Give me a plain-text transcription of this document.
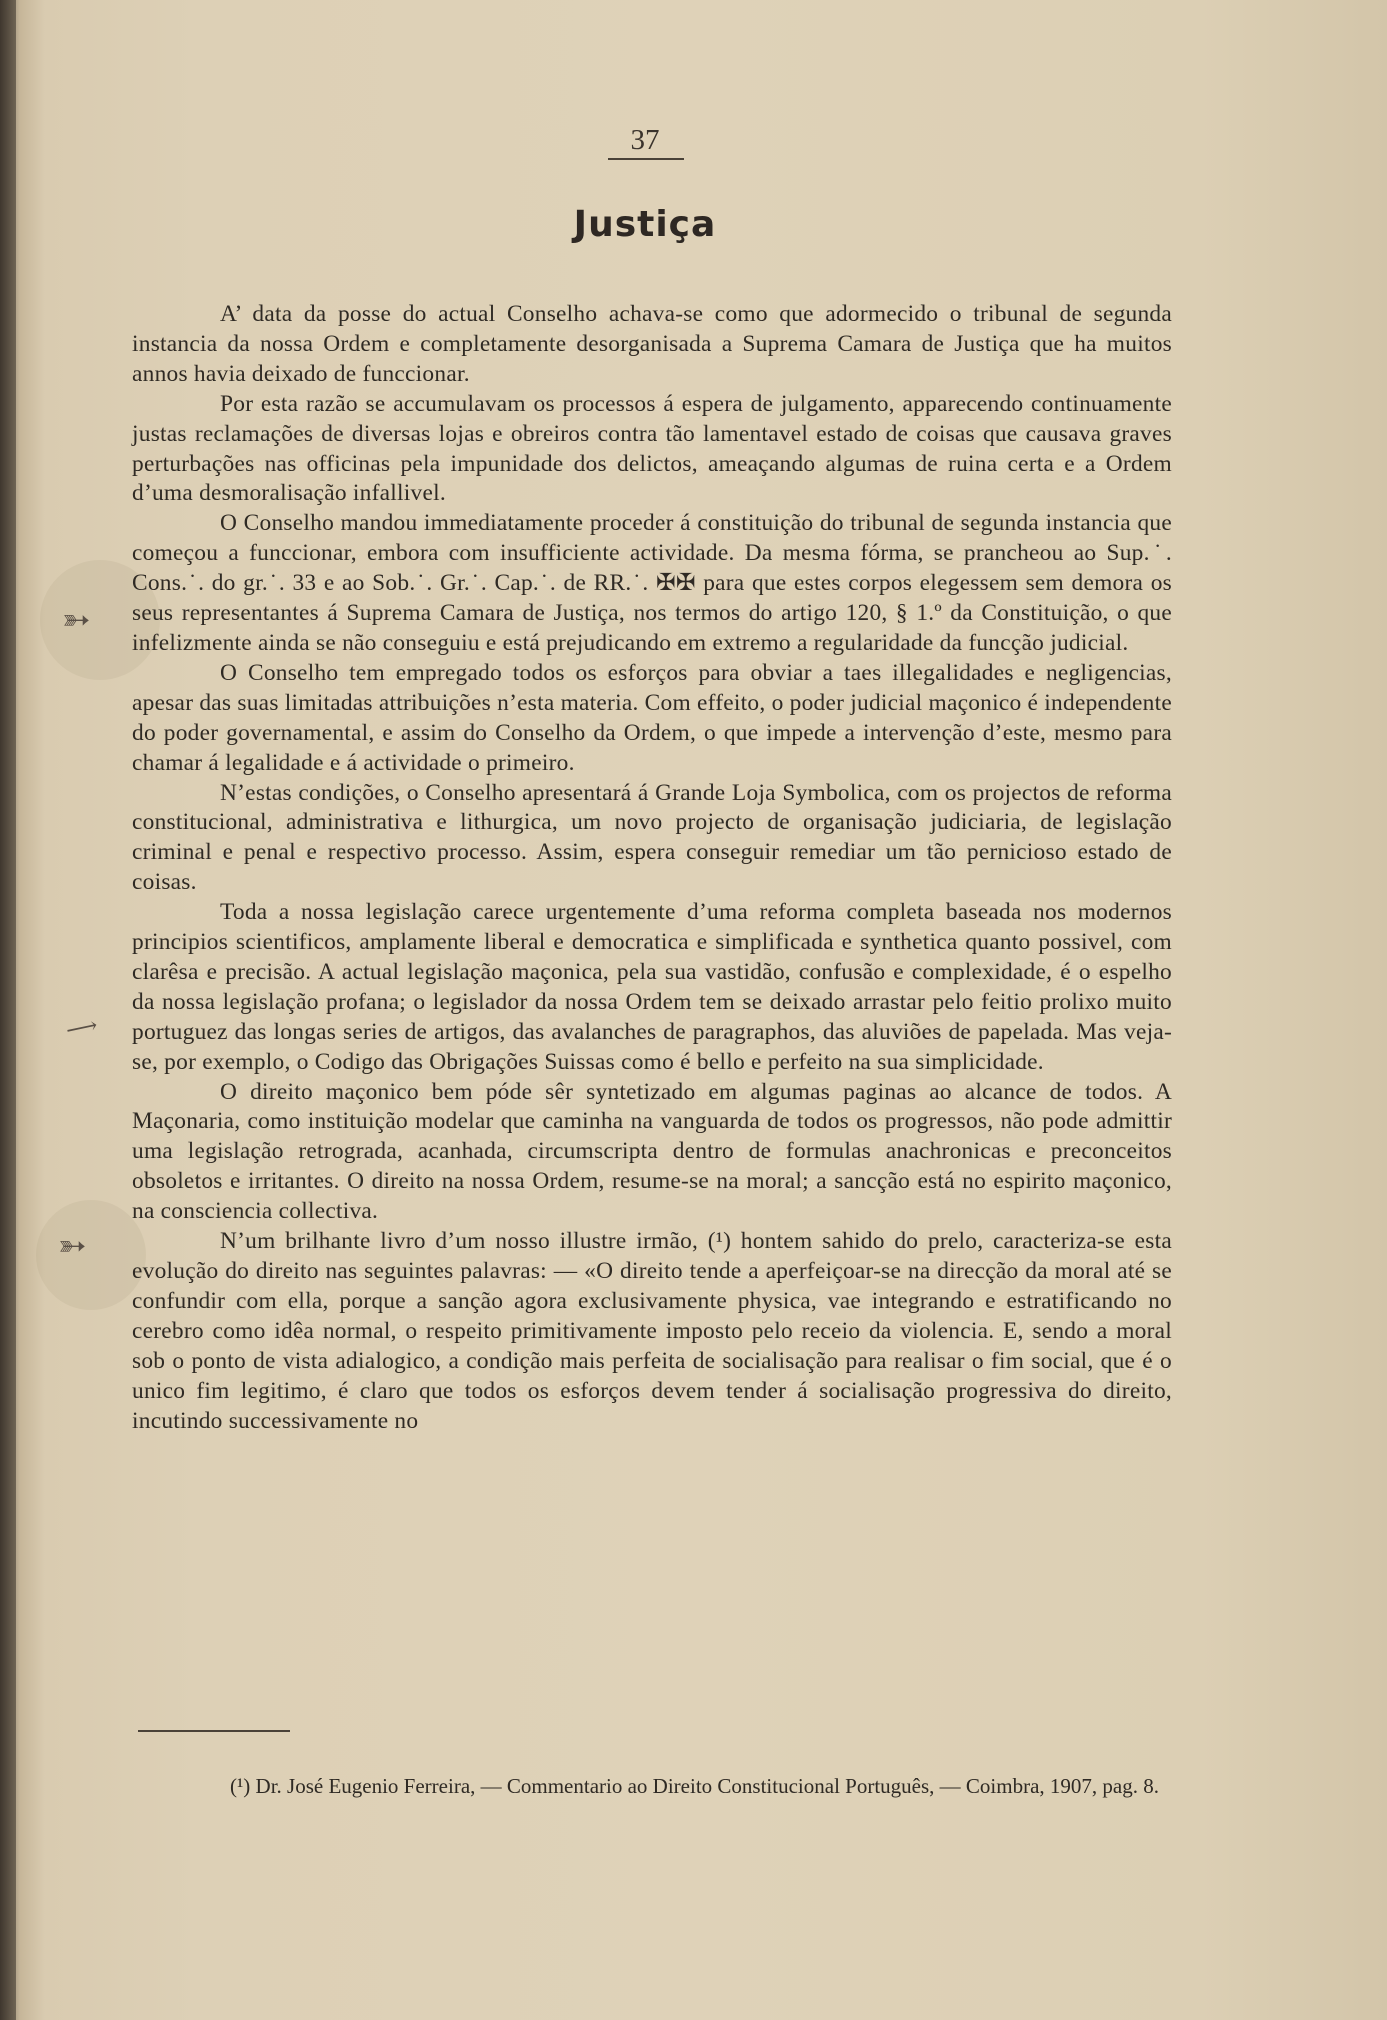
➳
⟶
➳
37
Justiça

A’ data da posse do actual Conselho achava-se como que adormecido o tribunal de segunda instancia da nossa Ordem e completamente desorganisada a Suprema Camara de Justiça que ha muitos annos havia deixado de funccionar.

Por esta razão se accumulavam os processos á espera de julgamento, apparecendo continuamente justas reclamações de diversas lojas e obreiros contra tão lamentavel estado de coisas que causava graves perturbações nas officinas pela impunidade dos delictos, ameaçando algumas de ruina certa e a Ordem d’uma desmoralisação infallivel.

O Conselho mandou immediatamente proceder á constituição do tribunal de segunda instancia que começou a funccionar, embora com insufficiente actividade. Da mesma fórma, se prancheou ao Sup.˙. Cons.˙. do gr.˙. 33 e ao Sob.˙. Gr.˙. Cap.˙. de RR.˙. ✠✠ para que estes corpos elegessem sem demora os seus representantes á Suprema Camara de Justiça, nos termos do artigo 120, § 1.º da Constituição, o que infelizmente ainda se não conseguiu e está prejudicando em extremo a regularidade da funcção judicial.

O Conselho tem empregado todos os esforços para obviar a taes illegalidades e negligencias, apesar das suas limitadas attribuições n’esta materia. Com effeito, o poder judicial maçonico é independente do poder governamental, e assim do Conselho da Ordem, o que impede a intervenção d’este, mesmo para chamar á legalidade e á actividade o primeiro.

N’estas condições, o Conselho apresentará á Grande Loja Symbolica, com os projectos de reforma constitucional, administrativa e lithurgica, um novo projecto de organisação judiciaria, de legislação criminal e penal e respectivo processo. Assim, espera conseguir remediar um tão pernicioso estado de coisas.

Toda a nossa legislação carece urgentemente d’uma reforma completa baseada nos modernos principios scientificos, amplamente liberal e democratica e simplificada e synthetica quanto possivel, com clarêsa e precisão. A actual legislação maçonica, pela sua vastidão, confusão e complexidade, é o espelho da nossa legislação profana; o legislador da nossa Ordem tem se deixado arrastar pelo feitio prolixo muito portuguez das longas series de artigos, das avalanches de paragraphos, das aluviões de papelada. Mas veja-se, por exemplo, o Codigo das Obrigações Suissas como é bello e perfeito na sua simplicidade.

O direito maçonico bem póde sêr syntetizado em algumas paginas ao alcance de todos. A Maçonaria, como instituição modelar que caminha na vanguarda de todos os progressos, não pode admittir uma legislação retrograda, acanhada, circumscripta dentro de formulas anachronicas e preconceitos obsoletos e irritantes. O direito na nossa Ordem, resume-se na moral; a sancção está no espirito maçonico, na consciencia collectiva.

N’um brilhante livro d’um nosso illustre irmão, (¹) hontem sahido do prelo, caracteriza-se esta evolução do direito nas seguintes palavras: — «O direito tende a aperfeiçoar-se na direcção da moral até se confundir com ella, porque a sanção agora exclusivamente physica, vae integrando e estratificando no cerebro como idêa normal, o respeito primitivamente imposto pelo receio da violencia. E, sendo a moral sob o ponto de vista adialogico, a condição mais perfeita de socialisação para realisar o fim social, que é o unico fim legitimo, é claro que todos os esforços devem tender á socialisação progressiva do direito, incutindo successivamente no

(¹) Dr. José Eugenio Ferreira, — Commentario ao Direito Constitucional Português, — Coimbra, 1907, pag. 8.
